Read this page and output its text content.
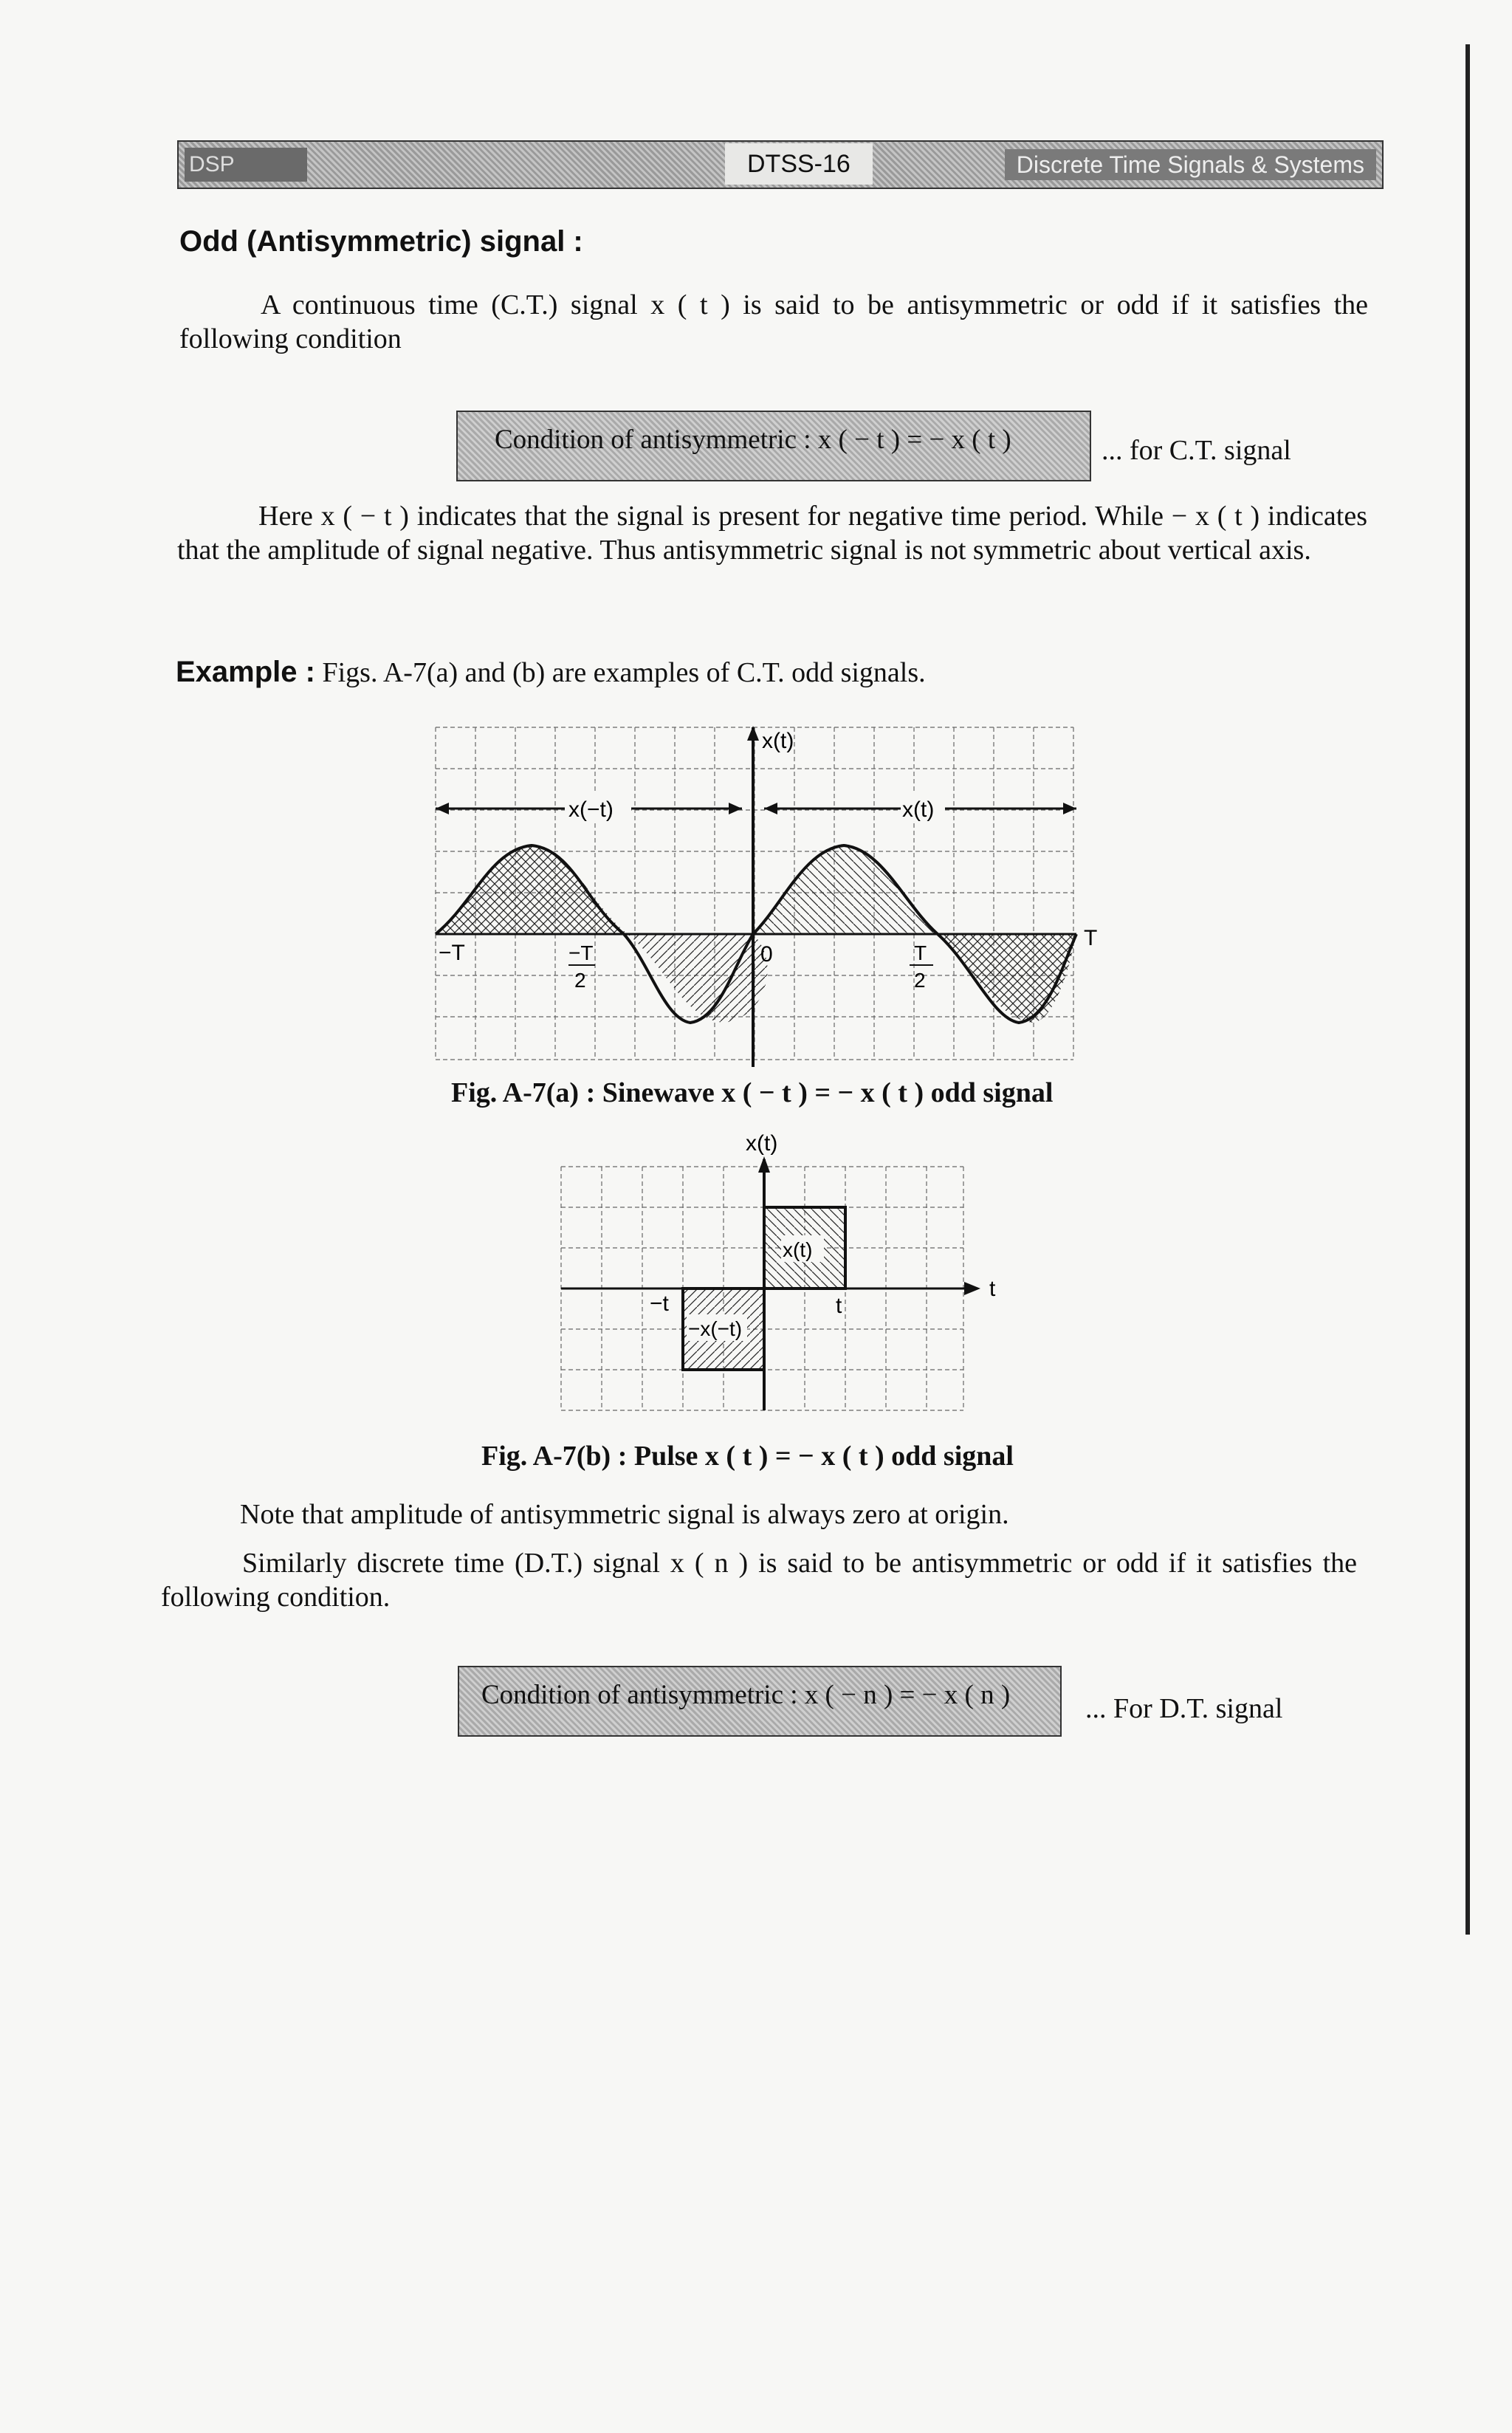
DSP	DTSS-16	Discrete Time Signals & Systems
Odd (Antisymmetric) signal :
A continuous time (C.T.) signal x ( t ) is said to be antisymmetric or odd if it satisfies the following condition
Condition of antisymmetric : x ( − t ) = − x ( t )	... for C.T. signal
Here x ( − t ) indicates that the signal is present for negative time period. While − x ( t ) indicates that the amplitude of signal negative. Thus antisymmetric signal is not symmetric about vertical axis.
Example : Figs. A-7(a) and (b) are examples of C.T. odd signals.
x(−t)	x(t)
x(t)
−T	−T
2
0	T
2
T
Fig. A-7(a) : Sinewave x ( − t ) = − x ( t ) odd signal
x(t)
t
x(t)
−x(−t)
−t	t
Fig. A-7(b) : Pulse x ( t ) = − x ( t ) odd signal
Note that amplitude of antisymmetric signal is always zero at origin.
Similarly discrete time (D.T.) signal x ( n ) is said to be antisymmetric or odd if it satisfies the following condition.
Condition of antisymmetric : x ( − n ) = − x ( n )	... For D.T. signal
